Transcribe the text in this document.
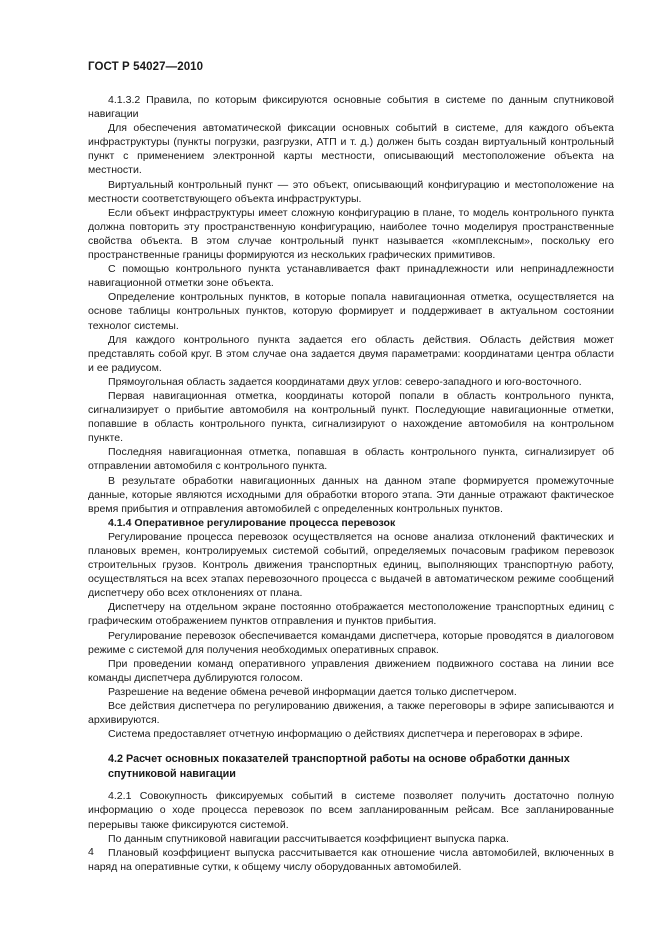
ГОСТ Р 54027—2010

4.1.3.2 Правила, по которым фиксируются основные события в системе по данным спутниковой навигации

Для обеспечения автоматической фиксации основных событий в системе, для каждого объекта инфраструктуры (пункты погрузки, разгрузки, АТП и т. д.) должен быть создан виртуальный контрольный пункт с применением электронной карты местности, описывающий местоположение объекта на местности.

Виртуальный контрольный пункт — это объект, описывающий конфигурацию и местоположение на местности соответствующего объекта инфраструктуры.

Если объект инфраструктуры имеет сложную конфигурацию в плане, то модель контрольного пункта должна повторить эту пространственную конфигурацию, наиболее точно моделируя пространственные свойства объекта. В этом случае контрольный пункт называется «комплексным», поскольку его пространственные границы формируются из нескольких графических примитивов.

С помощью контрольного пункта устанавливается факт принадлежности или непринадлежности навигационной отметки зоне объекта.

Определение контрольных пунктов, в которые попала навигационная отметка, осуществляется на основе таблицы контрольных пунктов, которую формирует и поддерживает в актуальном состоянии технолог системы.

Для каждого контрольного пункта задается его область действия. Область действия может представлять собой круг. В этом случае она задается двумя параметрами: координатами центра области и ее радиусом.

Прямоугольная область задается координатами двух углов: северо-западного и юго-восточного.

Первая навигационная отметка, координаты которой попали в область контрольного пункта, сигнализирует о прибытие автомобиля на контрольный пункт. Последующие навигационные отметки, попавшие в область контрольного пункта, сигнализируют о нахождение автомобиля на контрольном пункте.

Последняя навигационная отметка, попавшая в область контрольного пункта, сигнализирует об отправлении автомобиля с контрольного пункта.

В результате обработки навигационных данных на данном этапе формируется промежуточные данные, которые являются исходными для обработки второго этапа. Эти данные отражают фактическое время прибытия и отправления автомобилей с определенных контрольных пунктов.

4.1.4 Оперативное регулирование процесса перевозок

Регулирование процесса перевозок осуществляется на основе анализа отклонений фактических и плановых времен, контролируемых системой событий, определяемых почасовым графиком перевозок строительных грузов. Контроль движения транспортных единиц, выполняющих транспортную работу, осуществляться на всех этапах перевозочного процесса с выдачей в автоматическом режиме сообщений диспетчеру обо всех отклонениях от плана.

Диспетчеру на отдельном экране постоянно отображается местоположение транспортных единиц с графическим отображением пунктов отправления и пунктов прибытия.

Регулирование перевозок обеспечивается командами диспетчера, которые проводятся в диалоговом режиме с системой для получения необходимых оперативных справок.

При проведении команд оперативного управления движением подвижного состава на линии все команды диспетчера дублируются голосом.

Разрешение на ведение обмена речевой информации дается только диспетчером.

Все действия диспетчера по регулированию движения, а также переговоры в эфире записываются и архивируются.

Система предоставляет отчетную информацию о действиях диспетчера и переговорах в эфире.

4.2 Расчет основных показателей транспортной работы на основе обработки данных спутниковой навигации

4.2.1 Совокупность фиксируемых событий в системе позволяет получить достаточно полную информацию о ходе процесса перевозок по всем запланированным рейсам. Все запланированные перерывы также фиксируются системой.

По данным спутниковой навигации рассчитывается коэффициент выпуска парка.

Плановый коэффициент выпуска рассчитывается как отношение числа автомобилей, включенных в наряд на оперативные сутки, к общему числу оборудованных автомобилей.

4
